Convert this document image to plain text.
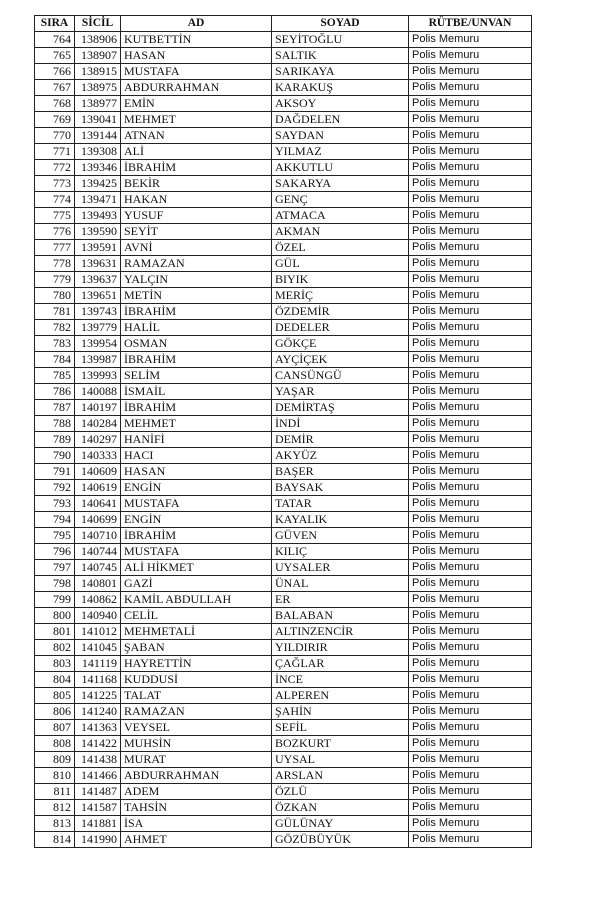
SIRA	SİCİL	AD	SOYAD	RÜTBE/UNVAN
764	138906	KUTBETTİN	SEYİTOĞLU	Polis Memuru
765	138907	HASAN	SALTIK	Polis Memuru
766	138915	MUSTAFA	SARIKAYA	Polis Memuru
767	138975	ABDURRAHMAN	KARAKUŞ	Polis Memuru
768	138977	EMİN	AKSOY	Polis Memuru
769	139041	MEHMET	DAĞDELEN	Polis Memuru
770	139144	ATNAN	SAYDAN	Polis Memuru
771	139308	ALİ	YILMAZ	Polis Memuru
772	139346	İBRAHİM	AKKUTLU	Polis Memuru
773	139425	BEKİR	SAKARYA	Polis Memuru
774	139471	HAKAN	GENÇ	Polis Memuru
775	139493	YUSUF	ATMACA	Polis Memuru
776	139590	SEYİT	AKMAN	Polis Memuru
777	139591	AVNİ	ÖZEL	Polis Memuru
778	139631	RAMAZAN	GÜL	Polis Memuru
779	139637	YALÇIN	BIYIK	Polis Memuru
780	139651	METİN	MERİÇ	Polis Memuru
781	139743	İBRAHİM	ÖZDEMİR	Polis Memuru
782	139779	HALİL	DEDELER	Polis Memuru
783	139954	OSMAN	GÖKÇE	Polis Memuru
784	139987	İBRAHİM	AYÇİÇEK	Polis Memuru
785	139993	SELİM	CANSÜNGÜ	Polis Memuru
786	140088	İSMAİL	YAŞAR	Polis Memuru
787	140197	İBRAHİM	DEMİRTAŞ	Polis Memuru
788	140284	MEHMET	İNDİ	Polis Memuru
789	140297	HANİFİ	DEMİR	Polis Memuru
790	140333	HACI	AKYÜZ	Polis Memuru
791	140609	HASAN	BAŞER	Polis Memuru
792	140619	ENGİN	BAYSAK	Polis Memuru
793	140641	MUSTAFA	TATAR	Polis Memuru
794	140699	ENGİN	KAYALIK	Polis Memuru
795	140710	İBRAHİM	GÜVEN	Polis Memuru
796	140744	MUSTAFA	KILIÇ	Polis Memuru
797	140745	ALİ HİKMET	UYSALER	Polis Memuru
798	140801	GAZİ	ÜNAL	Polis Memuru
799	140862	KAMİL ABDULLAH	ER	Polis Memuru
800	140940	CELİL	BALABAN	Polis Memuru
801	141012	MEHMETALİ	ALTINZENCİR	Polis Memuru
802	141045	ŞABAN	YILDIRIR	Polis Memuru
803	141119	HAYRETTİN	ÇAĞLAR	Polis Memuru
804	141168	KUDDUSİ	İNCE	Polis Memuru
805	141225	TALAT	ALPEREN	Polis Memuru
806	141240	RAMAZAN	ŞAHİN	Polis Memuru
807	141363	VEYSEL	SEFİL	Polis Memuru
808	141422	MUHSİN	BOZKURT	Polis Memuru
809	141438	MURAT	UYSAL	Polis Memuru
810	141466	ABDURRAHMAN	ARSLAN	Polis Memuru
811	141487	ADEM	ÖZLÜ	Polis Memuru
812	141587	TAHSİN	ÖZKAN	Polis Memuru
813	141881	İSA	GÜLÜNAY	Polis Memuru
814	141990	AHMET	GÖZÜBÜYÜK	Polis Memuru
